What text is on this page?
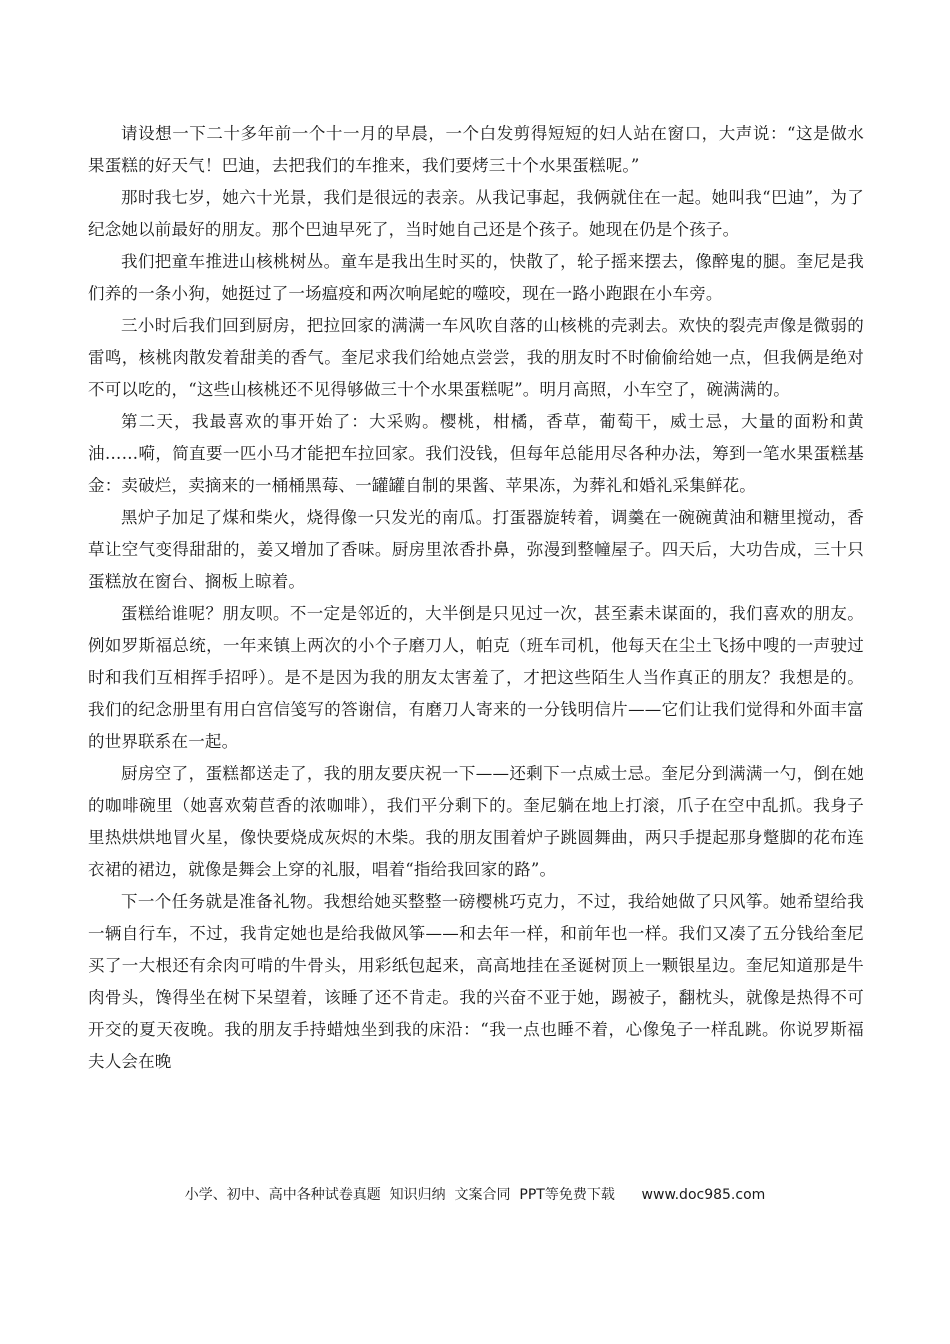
请设想一下二十多年前一个十一月的早晨，一个白发剪得短短的妇人站在窗口，大声说：“这是做水果蛋糕的好天气！巴迪，去把我们的车推来，我们要烤三十个水果蛋糕呢。”

那时我七岁，她六十光景，我们是很远的表亲。从我记事起，我俩就住在一起。她叫我“巴迪”，为了纪念她以前最好的朋友。那个巴迪早死了，当时她自己还是个孩子。她现在仍是个孩子。

我们把童车推进山核桃树丛。童车是我出生时买的，快散了，轮子摇来摆去，像醉鬼的腿。奎尼是我们养的一条小狗，她挺过了一场瘟疫和两次响尾蛇的噬咬，现在一路小跑跟在小车旁。

三小时后我们回到厨房，把拉回家的满满一车风吹自落的山核桃的壳剥去。欢快的裂壳声像是微弱的雷鸣，核桃肉散发着甜美的香气。奎尼求我们给她点尝尝，我的朋友时不时偷偷给她一点，但我俩是绝对不可以吃的，“这些山核桃还不见得够做三十个水果蛋糕呢”。明月高照，小车空了，碗满满的。

第二天，我最喜欢的事开始了：大采购。樱桃，柑橘，香草，葡萄干，威士忌，大量的面粉和黄油……嗬，简直要一匹小马才能把车拉回家。我们没钱，但每年总能用尽各种办法，筹到一笔水果蛋糕基金：卖破烂，卖摘来的一桶桶黑莓、一罐罐自制的果酱、苹果冻，为葬礼和婚礼采集鲜花。

黑炉子加足了煤和柴火，烧得像一只发光的南瓜。打蛋器旋转着，调羹在一碗碗黄油和糖里搅动，香草让空气变得甜甜的，姜又增加了香味。厨房里浓香扑鼻，弥漫到整幢屋子。四天后，大功告成，三十只蛋糕放在窗台、搁板上晾着。

蛋糕给谁呢？朋友呗。不一定是邻近的，大半倒是只见过一次，甚至素未谋面的，我们喜欢的朋友。例如罗斯福总统，一年来镇上两次的小个子磨刀人，帕克（班车司机，他每天在尘土飞扬中嗖的一声驶过时和我们互相挥手招呼）。是不是因为我的朋友太害羞了，才把这些陌生人当作真正的朋友？我想是的。我们的纪念册里有用白宫信笺写的答谢信，有磨刀人寄来的一分钱明信片——它们让我们觉得和外面丰富的世界联系在一起。

厨房空了，蛋糕都送走了，我的朋友要庆祝一下——还剩下一点威士忌。奎尼分到满满一勺，倒在她的咖啡碗里（她喜欢菊苣香的浓咖啡），我们平分剩下的。奎尼躺在地上打滚，爪子在空中乱抓。我身子里热烘烘地冒火星，像快要烧成灰烬的木柴。我的朋友围着炉子跳圆舞曲，两只手提起那身蹩脚的花布连衣裙的裙边，就像是舞会上穿的礼服，唱着“指给我回家的路”。

下一个任务就是准备礼物。我想给她买整整一磅樱桃巧克力，不过，我给她做了只风筝。她希望给我一辆自行车，不过，我肯定她也是给我做风筝——和去年一样，和前年也一样。我们又凑了五分钱给奎尼买了一大根还有余肉可啃的牛骨头，用彩纸包起来，高高地挂在圣诞树顶上一颗银星边。奎尼知道那是牛肉骨头，馋得坐在树下呆望着，该睡了还不肯走。我的兴奋不亚于她，踢被子，翻枕头，就像是热得不可开交的夏天夜晚。我的朋友手持蜡烛坐到我的床沿：“我一点也睡不着，心像兔子一样乱跳。你说罗斯福夫人会在晚

小学、初中、高中各种试卷真题  知识归纳  文案合同  PPT等免费下载      www.doc985.com
